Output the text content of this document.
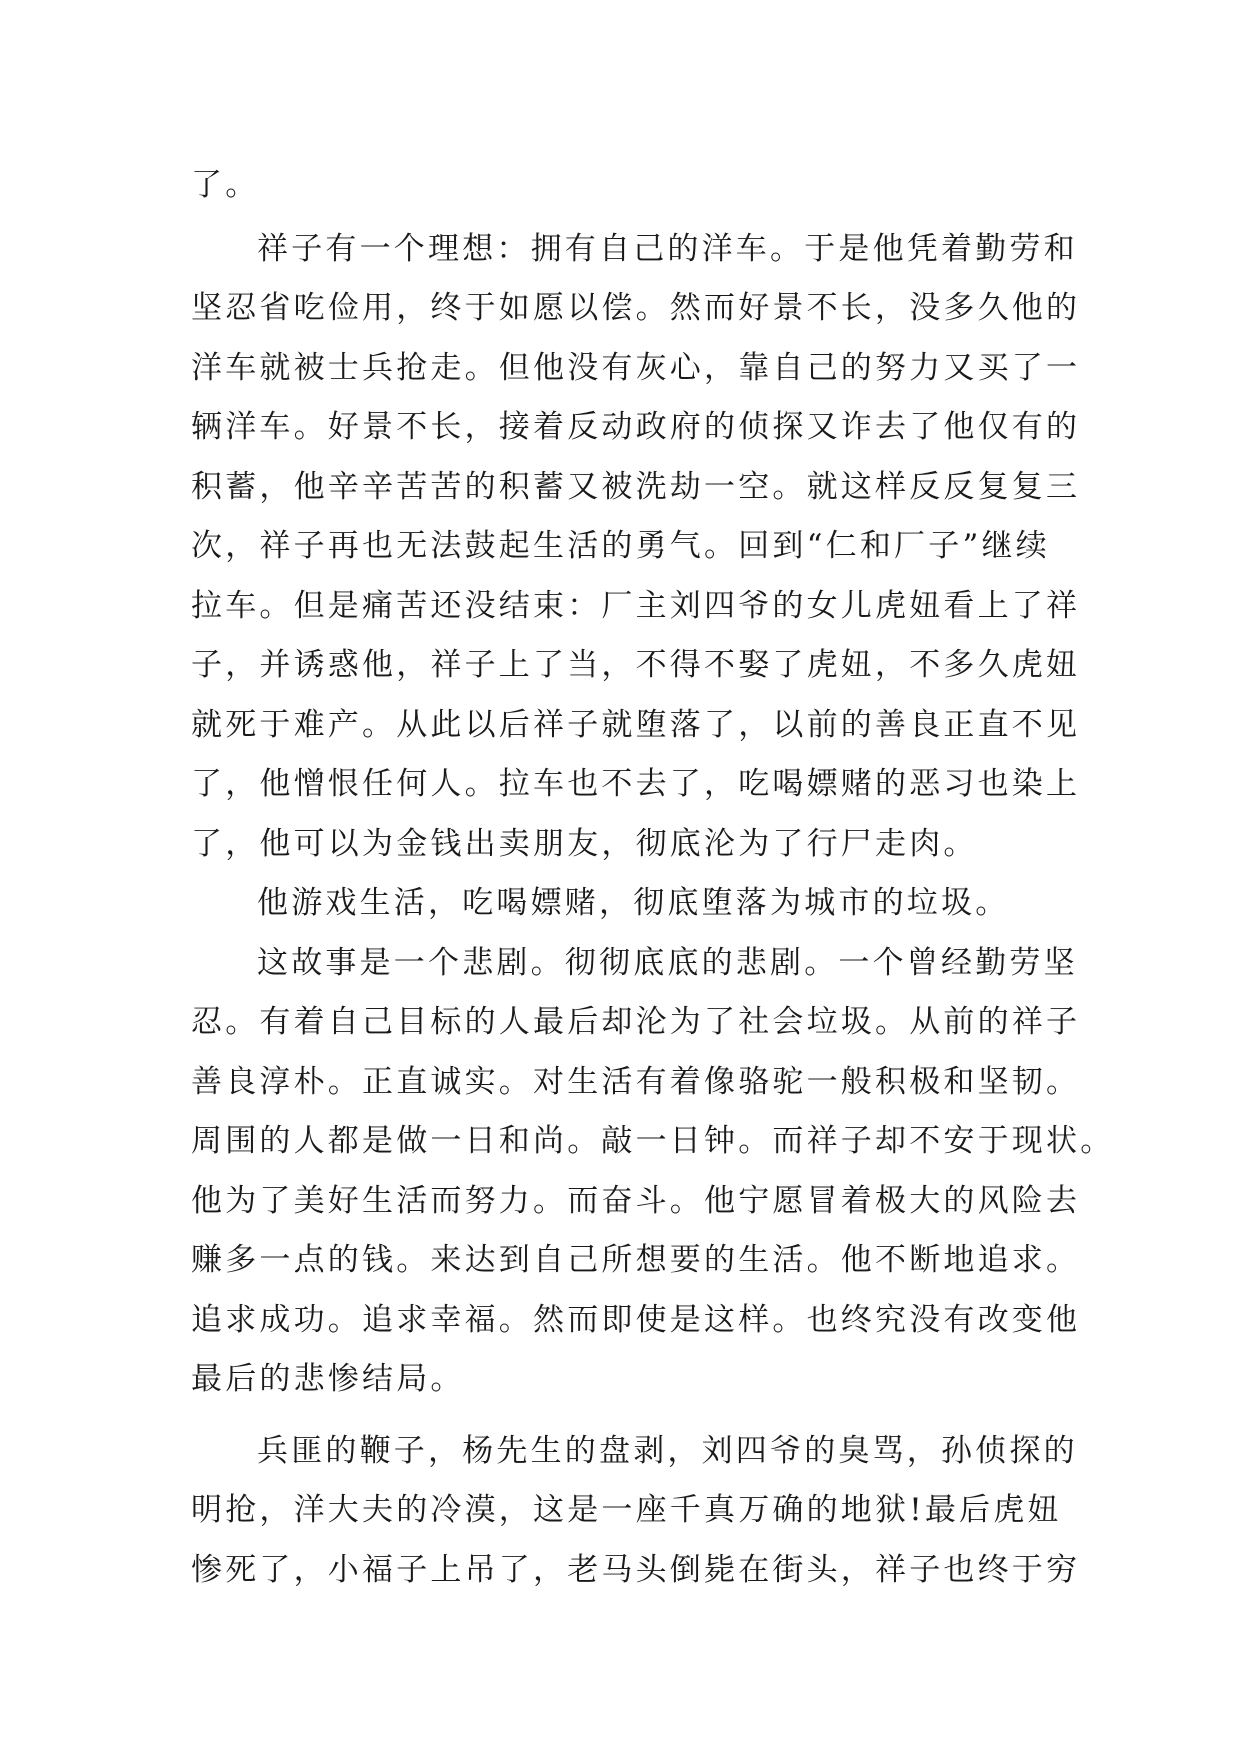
了。
祥子有一个理想：拥有自己的洋车。于是他凭着勤劳和
坚忍省吃俭用，终于如愿以偿。然而好景不长，没多久他的
洋车就被士兵抢走。但他没有灰心，靠自己的努力又买了一
辆洋车。好景不长，接着反动政府的侦探又诈去了他仅有的
积蓄，他辛辛苦苦的积蓄又被洗劫一空。就这样反反复复三
次，祥子再也无法鼓起生活的勇气。回到“仁和厂子”继续
拉车。但是痛苦还没结束：厂主刘四爷的女儿虎妞看上了祥
子，并诱惑他，祥子上了当，不得不娶了虎妞，不多久虎妞
就死于难产。从此以后祥子就堕落了，以前的善良正直不见
了，他憎恨任何人。拉车也不去了，吃喝嫖赌的恶习也染上
了，他可以为金钱出卖朋友，彻底沦为了行尸走肉。
他游戏生活，吃喝嫖赌，彻底堕落为城市的垃圾。
这故事是一个悲剧。彻彻底底的悲剧。一个曾经勤劳坚
忍。有着自己目标的人最后却沦为了社会垃圾。从前的祥子
善良淳朴。正直诚实。对生活有着像骆驼一般积极和坚韧。
周围的人都是做一日和尚。敲一日钟。而祥子却不安于现状。
他为了美好生活而努力。而奋斗。他宁愿冒着极大的风险去
赚多一点的钱。来达到自己所想要的生活。他不断地追求。
追求成功。追求幸福。然而即使是这样。也终究没有改变他
最后的悲惨结局。
兵匪的鞭子，杨先生的盘剥，刘四爷的臭骂，孙侦探的
明抢，洋大夫的冷漠，这是一座千真万确的地狱!最后虎妞
惨死了，小福子上吊了，老马头倒毙在街头，祥子也终于穷
